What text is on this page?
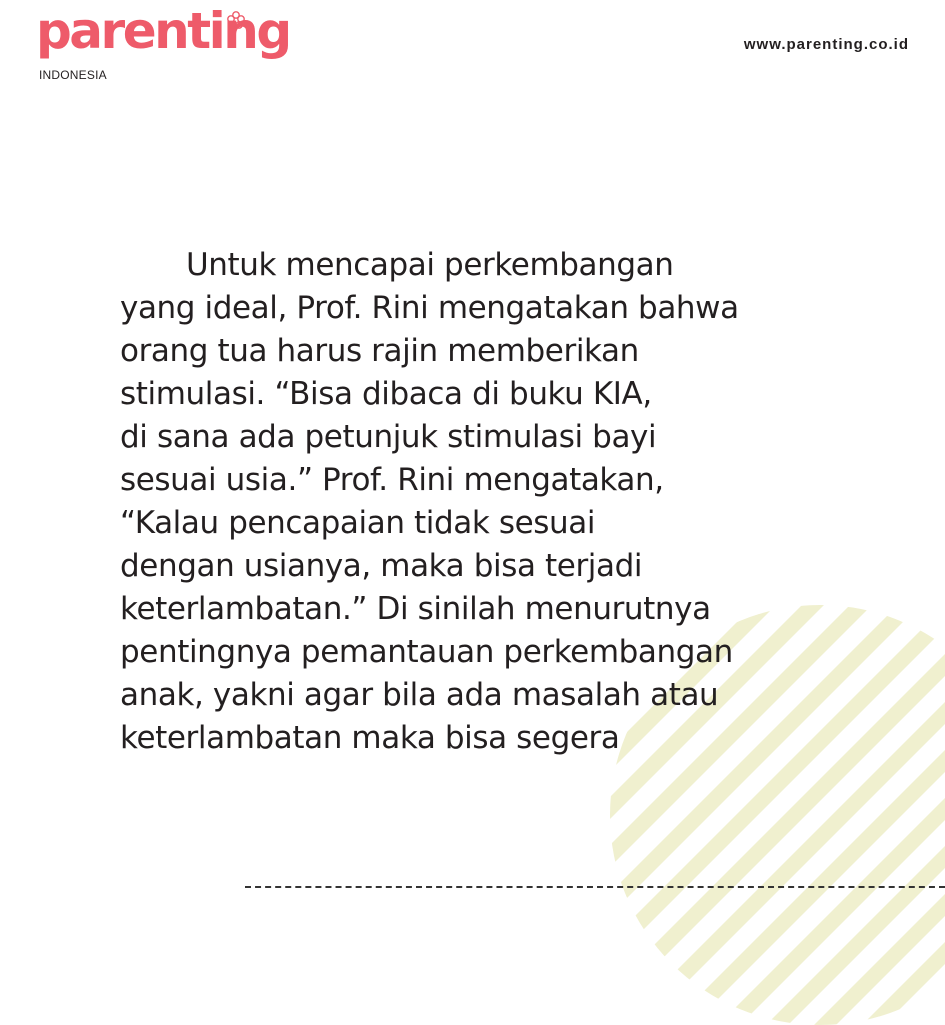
parenting
INDONESIA
www.parenting.co.id
Untuk mencapai perkembangan
yang ideal, Prof. Rini mengatakan bahwa
orang tua harus rajin memberikan
stimulasi. “Bisa dibaca di buku KIA,
di sana ada petunjuk stimulasi bayi
sesuai usia.” Prof. Rini mengatakan,
“Kalau pencapaian tidak sesuai
dengan usianya, maka bisa terjadi
keterlambatan.” Di sinilah menurutnya
pentingnya pemantauan perkembangan
anak, yakni agar bila ada masalah atau
keterlambatan maka bisa segera
